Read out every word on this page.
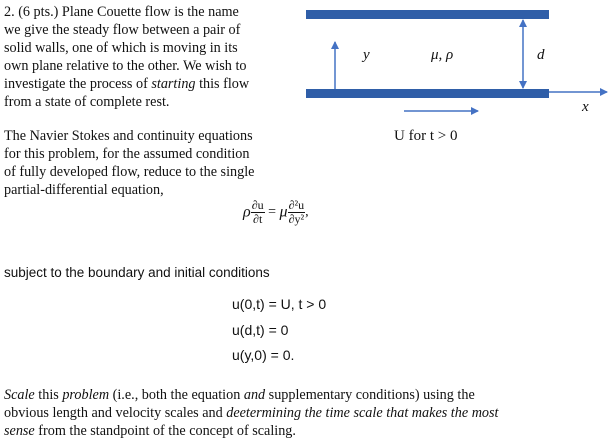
2. (6 pts.) Plane Couette flow is the name
we give the steady flow between a pair of
solid walls, one of which is moving in its
own plane relative to the other. We wish to
investigate the process of starting this flow
from a state of complete rest.
The Navier Stokes and continuity equations
for this problem, for the assumed condition
of fully developed flow, reduce to the single
partial-differential equation,
ρ $\frac{\partial u}{\partial t} = \mu \frac{\text{∂²u}}{\text{∂y²}}$ ,
subject to the boundary and initial conditions
u(0,t) = U, t > 0
u(d,t) = 0
u(y,0) = 0.
Scale this problem (i.e., both the equation and supplementary conditions) using the
obvious length and velocity scales and deetermining the time scale that makes the most
sense from the standpoint of the concept of scaling.
y	μ, ρ	d
x
U for t > 0
